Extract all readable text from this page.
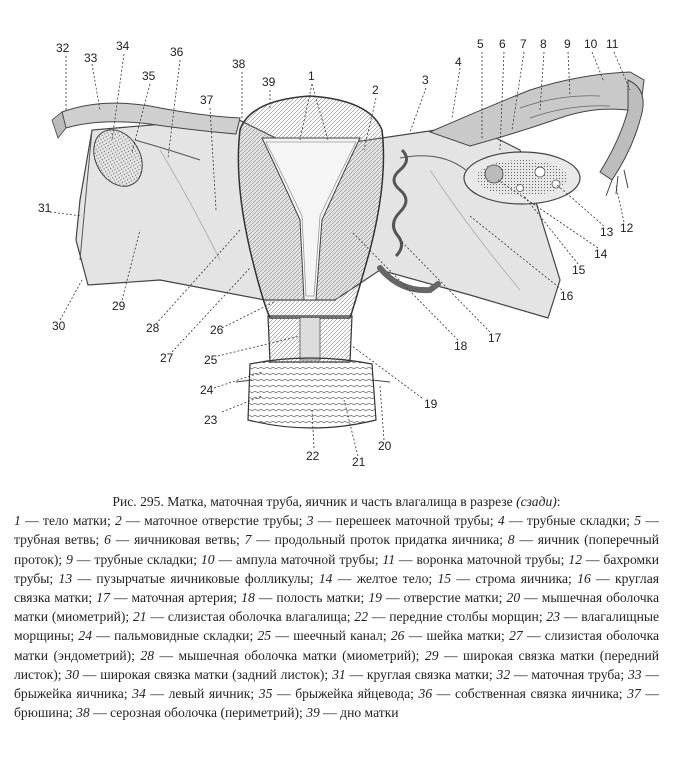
1
2
3
4
5 6 7 8 9 10 11
12
13
14
15
16
17
18
19
20
21
22
23
24
25
26
27
28
29
30
31
32
33
34
35
36
37
38
39
Рис. 295. Матка, маточная труба, яичник и часть влагалища в разрезе (сзади):
1 — тело матки; 2 — маточное отверстие трубы; 3 — перешеек маточной трубы; 4 — трубные складки; 5 — трубная ветвь; 6 — яичниковая ветвь; 7 — продольный проток придатка яичника; 8 — яичник (поперечный проток); 9 — трубные складки; 10 — ампула маточной трубы; 11 — воронка маточной трубы; 12 — бахромки трубы; 13 — пузырчатые яичниковые фолликулы; 14 — желтое тело; 15 — строма яичника; 16 — круглая связка матки; 17 — маточная артерия; 18 — полость матки; 19 — отверстие матки; 20 — мышечная оболочка матки (миометрий); 21 — слизистая оболочка влагалища; 22 — передние столбы морщин; 23 — влагалищные морщины; 24 — пальмовидные складки; 25 — шеечный канал; 26 — шейка матки; 27 — слизистая оболочка матки (эндометрий); 28 — мышечная оболочка матки (миометрий); 29 — широкая связка матки (передний листок); 30 — широкая связка матки (задний листок); 31 — круглая связка матки; 32 — маточная труба; 33 — брыжейка яичника; 34 — левый яичник; 35 — брыжейка яйцевода; 36 — собственная связка яичника; 37 — брюшина; 38 — серозная оболочка (периметрий); 39 — дно матки
